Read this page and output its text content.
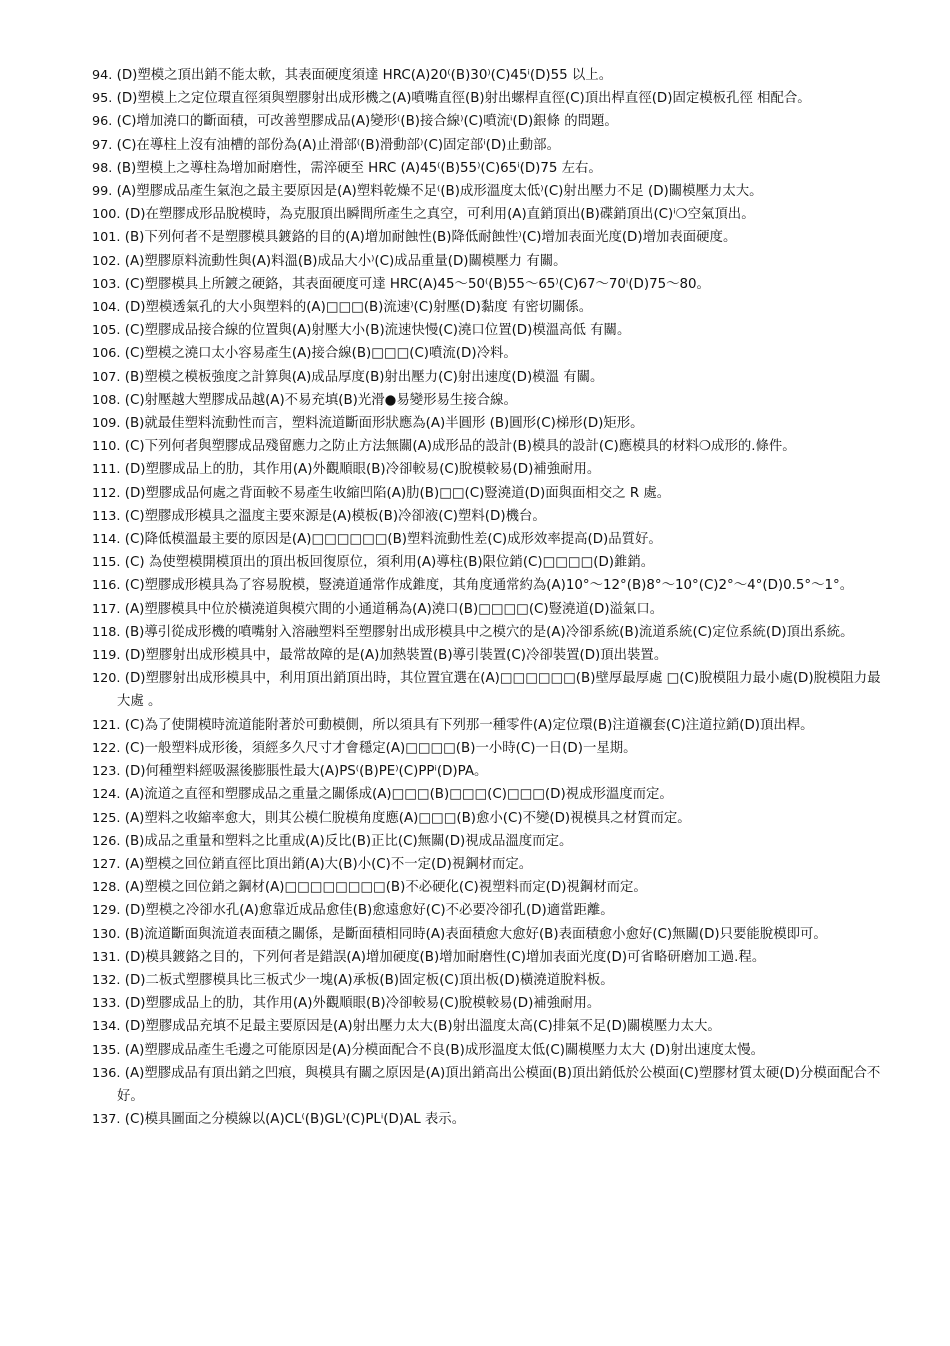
94. (D)塑模之頂出銷不能太軟，其表面硬度須達 HRC(A)20⁽(B)30⁾(C)45ⁱ(D)55 以上。
95. (D)塑模上之定位環直徑須與塑膠射出成形機之(A)噴嘴直徑(B)射出螺桿直徑(C)頂出桿直徑(D)固定模板孔徑 相配合。
96. (C)增加澆口的斷面積，可改善塑膠成品(A)變形⁽(B)接合線⁾(C)噴流ⁱ(D)銀條 的問題。
97. (C)在導柱上沒有油槽的部份為(A)止滑部⁽(B)滑動部⁾(C)固定部ⁱ(D)止動部。
98. (B)塑模上之導柱為增加耐磨性，需淬硬至 HRC (A)45⁽(B)55⁾(C)65ⁱ(D)75 左右。
99. (A)塑膠成品產生氣泡之最主要原因是(A)塑料乾燥不足⁽(B)成形溫度太低⁾(C)射出壓力不足 (D)關模壓力太大。
100. (D)在塑膠成形品脫模時，為克服頂出瞬間所產生之真空，可利用(A)直銷頂出(B)碟銷頂出(C)ⁱ❍空氣頂出。
101. (B)下列何者不是塑膠模具鍍鉻的目的(A)增加耐蝕性(B)降低耐蝕性⁾(C)增加表面光度(D)增加表面硬度。
102. (A)塑膠原料流動性與(A)料溫(B)成品大小⁾(C)成品重量(D)關模壓力 有關。
103. (C)塑膠模具上所鍍之硬鉻，其表面硬度可達 HRC(A)45～50⁽(B)55～65⁾(C)67～70ⁱ(D)75～80。
104. (D)塑模透氣孔的大小與塑料的(A)□□□(B)流速⁾(C)射壓(D)黏度 有密切關係。
105. (C)塑膠成品接合線的位置與(A)射壓大小(B)流速快慢(C)澆口位置(D)模溫高低 有關。
106. (C)塑模之澆口太小容易產生(A)接合線(B)□□□(C)噴流(D)冷料。
107. (B)塑模之模板強度之計算與(A)成品厚度(B)射出壓力(C)射出速度(D)模溫 有關。
108. (C)射壓越大塑膠成品越(A)不易充填(B)光滑●易變形易生接合線。
109. (B)就最佳塑料流動性而言，塑料流道斷面形狀應為(A)半圓形 (B)圓形(C)梯形(D)矩形。
110. (C)下列何者與塑膠成品殘留應力之防止方法無關(A)成形品的設計(B)模具的設計(C)應模具的材料❍成形的.條件。
111. (D)塑膠成品上的肋，其作用(A)外觀順眼(B)冷卻較易(C)脫模較易(D)補強耐用。
112. (D)塑膠成品何處之背面較不易產生收縮凹陷(A)肋(B)□□(C)豎澆道(D)面與面相交之 R 處。
113. (C)塑膠成形模具之溫度主要來源是(A)模板(B)冷卻液(C)塑料(D)機台。
114. (C)降低模溫最主要的原因是(A)□□□□□□(B)塑料流動性差(C)成形效率提高(D)品質好。
115. (C) 為使塑模開模頂出的頂出板回復原位，須利用(A)導柱(B)限位銷(C)□□□□(D)錐銷。
116. (C)塑膠成形模具為了容易脫模，豎澆道通常作成錐度，其角度通常約為(A)10°～12°(B)8°～10°(C)2°～4°(D)0.5°～1°。
117. (A)塑膠模具中位於橫澆道與模穴間的小通道稱為(A)澆口(B)□□□□(C)豎澆道(D)溢氣口。
118. (B)導引從成形機的噴嘴射入溶融塑料至塑膠射出成形模具中之模穴的是(A)冷卻系統(B)流道系統(C)定位系統(D)頂出系統。
119. (D)塑膠射出成形模具中，最常故障的是(A)加熱裝置(B)導引裝置(C)冷卻裝置(D)頂出裝置。
120. (D)塑膠射出成形模具中，利用頂出銷頂出時，其位置宜選在(A)□□□□□□(B)壁厚最厚處 □(C)脫模阻力最小處(D)脫模阻力最大處 。
121. (C)為了使開模時流道能附著於可動模側，所以須具有下列那一種零件(A)定位環(B)注道襯套(C)注道拉銷(D)頂出桿。
122. (C)一般塑料成形後，須經多久尺寸才會穩定(A)□□□□(B)一小時(C)一日(D)一星期。
123. (D)何種塑料經吸濕後膨脹性最大(A)PS⁽(B)PE⁾(C)PPⁱ(D)PA。
124. (A)流道之直徑和塑膠成品之重量之關係成(A)□□□(B)□□□(C)□□□(D)視成形溫度而定。
125. (A)塑料之收縮率愈大，則其公模仁脫模角度應(A)□□□(B)愈小(C)不變(D)視模具之材質而定。
126. (B)成品之重量和塑料之比重成(A)反比(B)正比(C)無關(D)視成品溫度而定。
127. (A)塑模之回位銷直徑比頂出銷(A)大(B)小(C)不一定(D)視鋼材而定。
128. (A)塑模之回位銷之鋼材(A)□□□□□□□□(B)不必硬化(C)視塑料而定(D)視鋼材而定。
129. (D)塑模之冷卻水孔(A)愈靠近成品愈佳(B)愈遠愈好(C)不必要冷卻孔(D)適當距離。
130. (B)流道斷面與流道表面積之關係，是斷面積相同時(A)表面積愈大愈好(B)表面積愈小愈好(C)無關(D)只要能脫模即可。
131. (D)模具鍍鉻之目的，下列何者是錯誤(A)增加硬度(B)增加耐磨性(C)增加表面光度(D)可省略研磨加工過.程。
132. (D)二板式塑膠模具比三板式少一塊(A)承板(B)固定板(C)頂出板(D)橫澆道脫料板。
133. (D)塑膠成品上的肋，其作用(A)外觀順眼(B)冷卻較易(C)脫模較易(D)補強耐用。
134. (D)塑膠成品充填不足最主要原因是(A)射出壓力太大(B)射出溫度太高(C)排氣不足(D)關模壓力太大。
135. (A)塑膠成品產生毛邊之可能原因是(A)分模面配合不良(B)成形溫度太低(C)關模壓力太大 (D)射出速度太慢。
136. (A)塑膠成品有頂出銷之凹痕，與模具有關之原因是(A)頂出銷高出公模面(B)頂出銷低於公模面(C)塑膠材質太硬(D)分模面配合不好。
137. (C)模具圖面之分模線以(A)CL⁽(B)GL⁾(C)PLⁱ(D)AL 表示。
